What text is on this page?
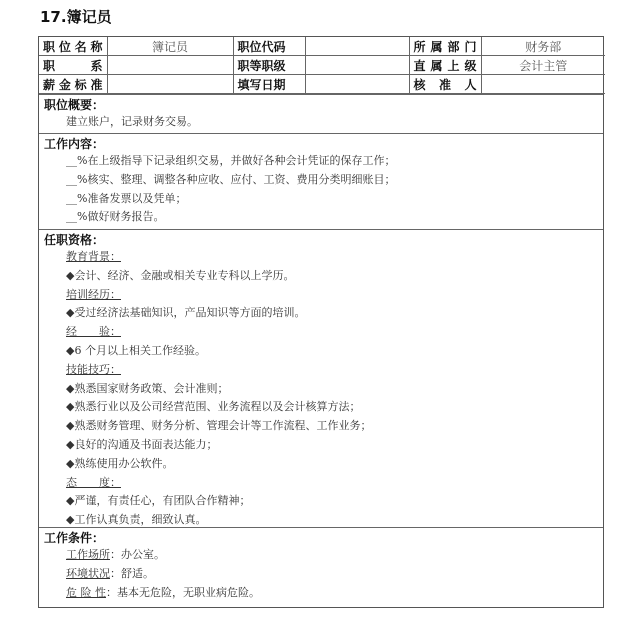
17.簿记员
职位名称	簿记员	职位代码		所属部门	财务部
职　　系		职等职级		直属上级	会计主管
薪金标准		填写日期		核 准 人	
职位概要：
建立账户，记录财务交易。
工作内容：
__%在上级指导下记录组织交易，并做好各种会计凭证的保存工作；
__%核实、整理、调整各种应收、应付、工资、费用分类明细账目；
__%准备发票以及凭单；
__%做好财务报告。
任职资格：
教育背景：
◆会计、经济、金融或相关专业专科以上学历。
培训经历：
◆受过经济法基础知识，产品知识等方面的培训。
经　　验：
◆6 个月以上相关工作经验。
技能技巧：
◆熟悉国家财务政策、会计准则；
◆熟悉行业以及公司经营范围、业务流程以及会计核算方法；
◆熟悉财务管理、财务分析、管理会计等工作流程、工作业务；
◆良好的沟通及书面表达能力；
◆熟练使用办公软件。
态　　度：
◆严谨，有责任心，有团队合作精神；
◆工作认真负责，细致认真。
工作条件：
工作场所：办公室。
环境状况：舒适。
危 险 性：基本无危险，无职业病危险。
